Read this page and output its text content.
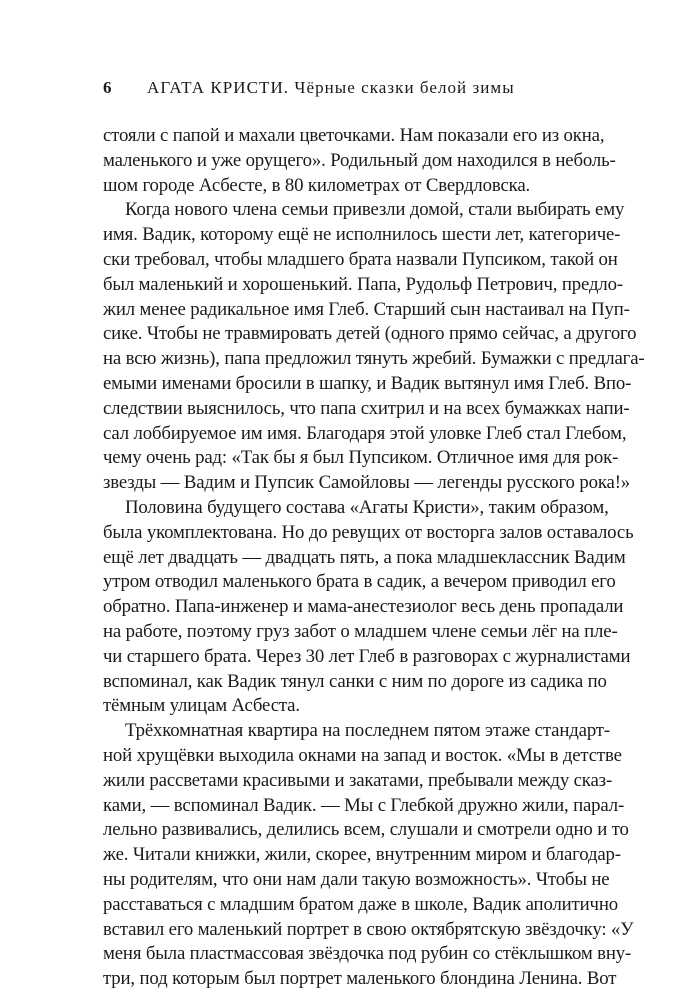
6 АГАТА КРИСТИ. Чёрные сказки белой зимы
стояли с папой и махали цветочками. Нам показали его из окна,
маленького и уже орущего». Родильный дом находился в неболь-
шом городе Асбесте, в 80 километрах от Свердловска.
Когда нового члена семьи привезли домой, стали выбирать ему
имя. Вадик, которому ещё не исполнилось шести лет, категориче-
ски требовал, чтобы младшего брата назвали Пупсиком, такой он
был маленький и хорошенький. Папа, Рудольф Петрович, предло-
жил менее радикальное имя Глеб. Старший сын настаивал на Пуп-
сике. Чтобы не травмировать детей (одного прямо сейчас, а другого
на всю жизнь), папа предложил тянуть жребий. Бумажки с предлага-
емыми именами бросили в шапку, и Вадик вытянул имя Глеб. Впо-
следствии выяснилось, что папа схитрил и на всех бумажках напи-
сал лоббируемое им имя. Благодаря этой уловке Глеб стал Глебом,
чему очень рад: «Так бы я был Пупсиком. Отличное имя для рок-
звезды — Вадим и Пупсик Самойловы — легенды русского рока!»
Половина будущего состава «Агаты Кристи», таким образом,
была укомплектована. Но до ревущих от восторга залов оставалось
ещё лет двадцать — двадцать пять, а пока младшеклассник Вадим
утром отводил маленького брата в садик, а вечером приводил его
обратно. Папа-инженер и мама-анестезиолог весь день пропадали
на работе, поэтому груз забот о младшем члене семьи лёг на пле-
чи старшего брата. Через 30 лет Глеб в разговорах с журналистами
вспоминал, как Вадик тянул санки с ним по дороге из садика по
тёмным улицам Асбеста.
Трёхкомнатная квартира на последнем пятом этаже стандарт-
ной хрущёвки выходила окнами на запад и восток. «Мы в детстве
жили рассветами красивыми и закатами, пребывали между сказ-
ками, — вспоминал Вадик. — Мы с Глебкой дружно жили, парал-
лельно развивались, делились всем, слушали и смотрели одно и то
же. Читали книжки, жили, скорее, внутренним миром и благодар-
ны родителям, что они нам дали такую возможность». Чтобы не
расставаться с младшим братом даже в школе, Вадик аполитично
вставил его маленький портрет в свою октябрятскую звёздочку: «У
меня была пластмассовая звёздочка под рубин со стёклышком вну-
три, под которым был портрет маленького блондина Ленина. Вот
